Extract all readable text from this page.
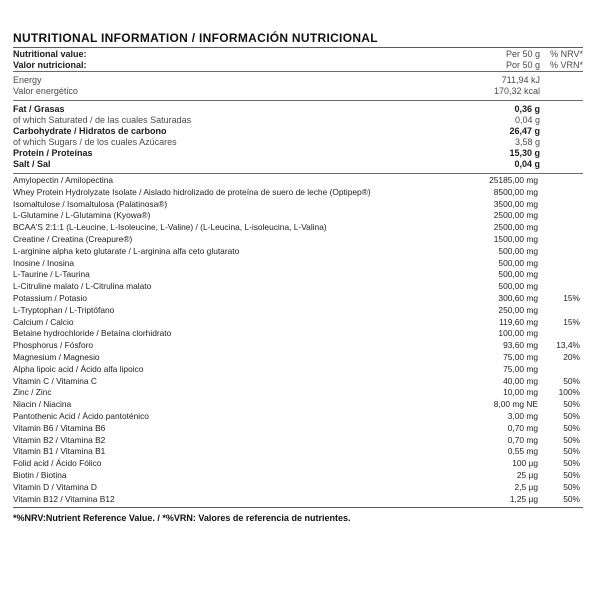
NUTRITIONAL INFORMATION / INFORMACIÓN NUTRICIONAL
Nutritional value:	Per 50 g % NRV*
Valor nutricional:	Por 50 g % VRN*
Energy	711,94 kJ
Valor energético	170,32 kcal
Fat / Grasas	0,36 g
of which Saturated / de las cuales Saturadas	0,04 g
Carbohydrate / Hidratos de carbono	26,47 g
of which Sugars / de los cuales Azúcares	3,58 g
Protein / Proteínas	15,30 g
Salt / Sal	0,04 g
Amylopectin / Amilopectina	25185,00 mg
Whey Protein Hydrolyzate Isolate / Aislado hidrolizado de proteína de suero de leche (Optipep®)	8500,00 mg
Isomaltulose / Isomaltulosa (Palatinosa®)	3500,00 mg
L-Glutamine / L-Glutamina (Kyowa®)	2500,00 mg
BCAA'S 2:1:1 (L-Leucine, L-Isoleucine, L-Valine) / (L-Leucina, L-isoleucina, L-Valina)	2500,00 mg
Creatine / Creatina (Creapure®)	1500,00 mg
L-arginine alpha keto glutarate / L-arginina alfa ceto glutarato	500,00 mg
Inosine / Inosina	500,00 mg
L-Taurine / L-Taurina	500,00 mg
L-Citruline malato / L-Citrulina malato	500,00 mg
Potassium / Potasio	300,60 mg	15%
L-Tryptophan / L-Triptófano	250,00 mg
Calcium / Calcio	119,60 mg	15%
Betaine hydrochloride / Betaína clorhidrato	100,00 mg
Phosphorus / Fósforo	93,60 mg 13,4%
Magnesium / Magnesio	75,00 mg	20%
Alpha lipoic acid / Ácido alfa lipoico	75,00 mg
Vitamin C / Vitamina C	40,00 mg	50%
Zinc / Zinc	10,00 mg 100%
Niacin / Niacina	8,00 mg NE	50%
Pantothenic Acid / Ácido pantoténico	3,00 mg	50%
Vitamin B6 / Vitamina B6	0,70 mg	50%
Vitamin B2 / Vitamina B2	0,70 mg	50%
Vitamin B1 / Vitamina B1	0,55 mg	50%
Folid acid / Ácido Fólico	100 µg	50%
Biotin / Biotina	25 µg	50%
Vitamin D / Vitamina D	2,5 µg	50%
Vitamin B12 / Vitamina B12	1,25 µg	50%
*%NRV:Nutrient Reference Value. / *%VRN: Valores de referencia de nutrientes.
